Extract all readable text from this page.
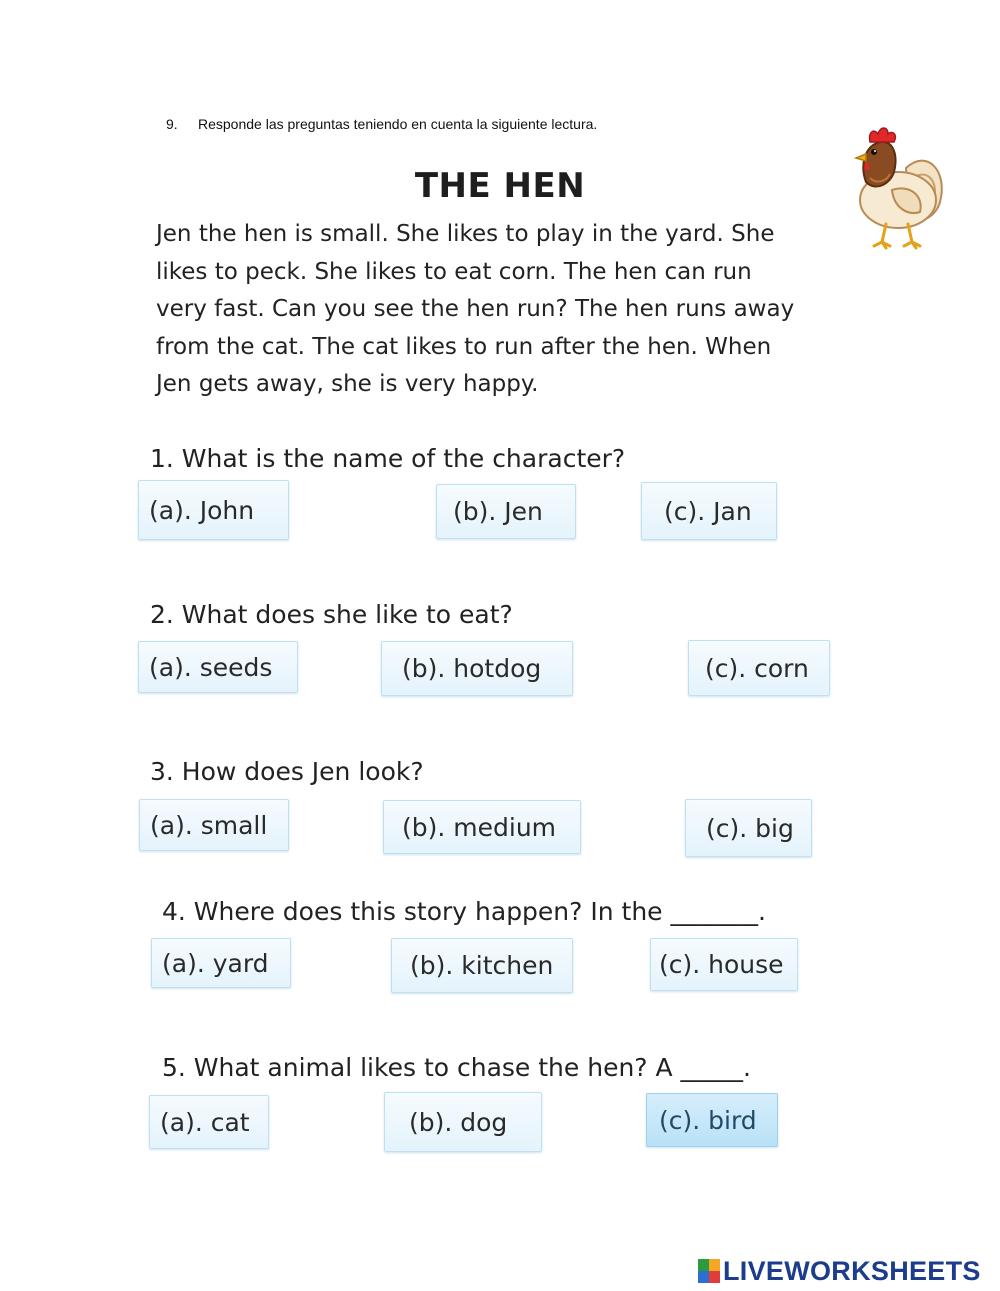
9. Responde las preguntas teniendo en cuenta la siguiente lectura.
THE HEN
Jen the hen is small. She likes to play in the yard. She
likes to peck. She likes to eat corn. The hen can run
very fast. Can you see the hen run? The hen runs away
from the cat. The cat likes to run after the hen. When
Jen gets away, she is very happy.
1. What is the name of the character?
(a). John	(b). Jen	(c). Jan
2. What does she like to eat?
(a). seeds	(b). hotdog	(c). corn
3. How does Jen look?
(a). small	(b). medium	(c). big
4. Where does this story happen? In the _______.
(a). yard	(b). kitchen	(c). house
5. What animal likes to chase the hen? A _____.
(a). cat	(b). dog	(c). bird
LIVEWORKSHEETS
